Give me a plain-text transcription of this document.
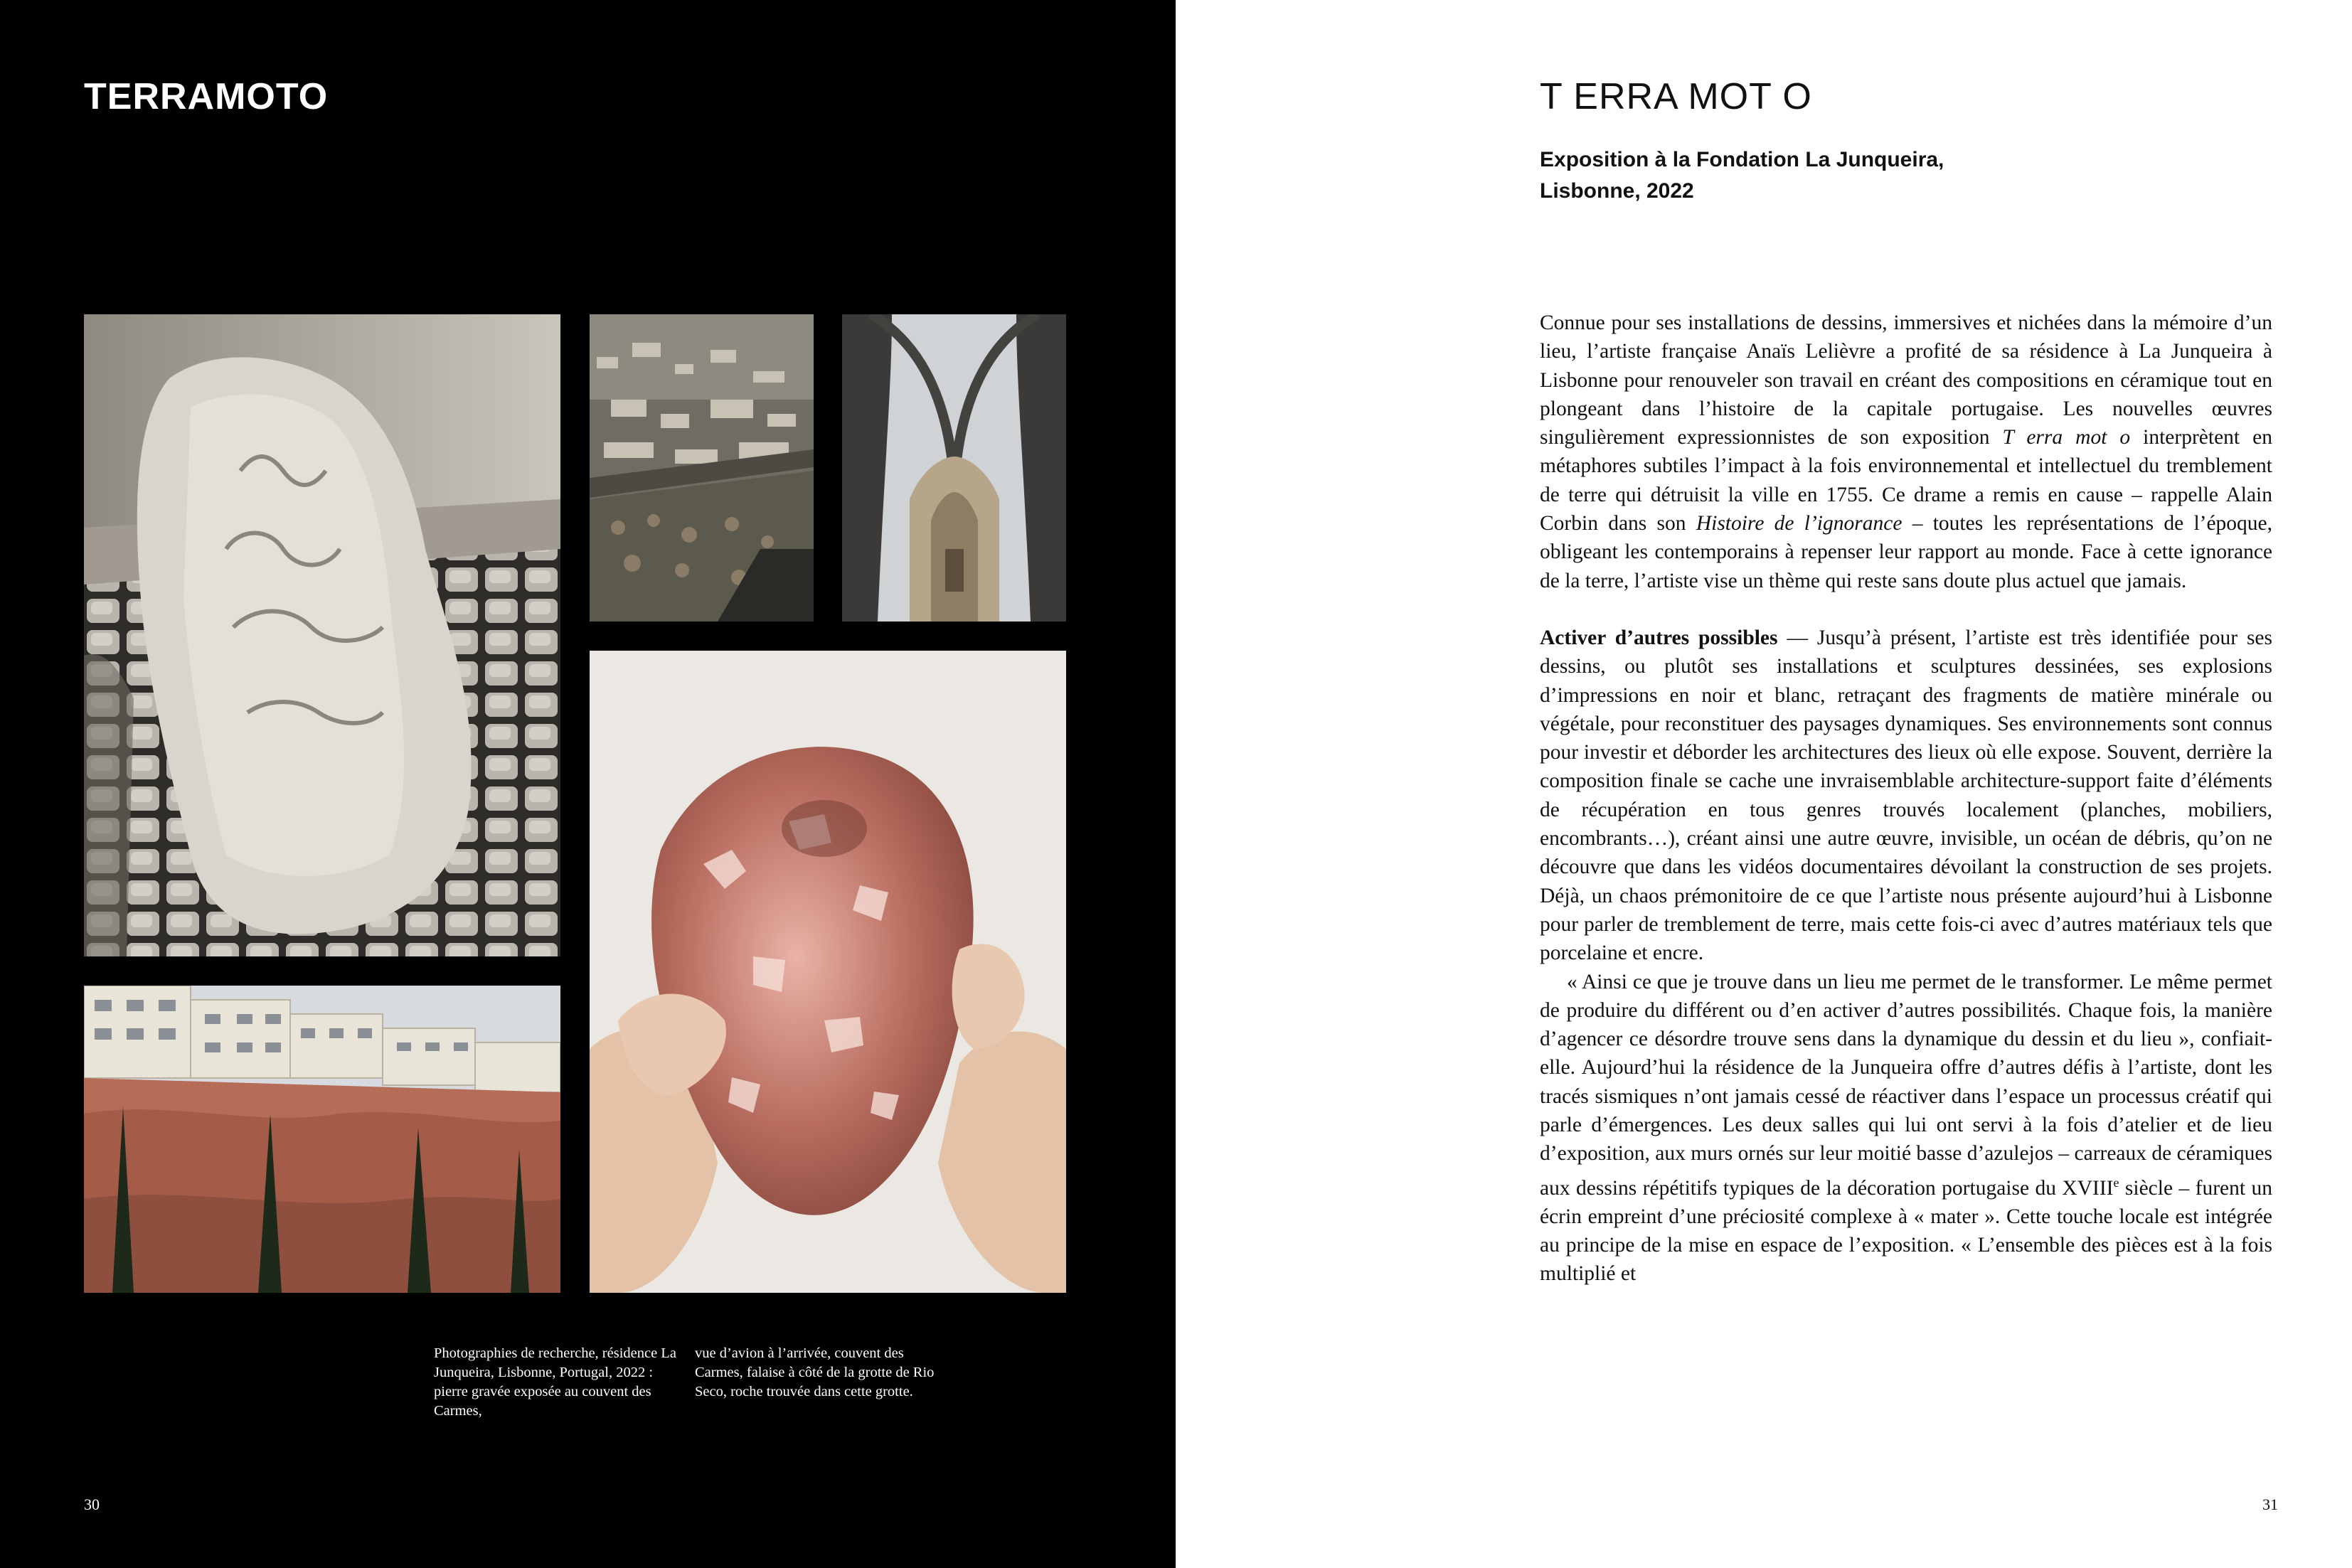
TERRAMOTO
Photographies de recherche, résidence La Junqueira, Lisbonne, Portugal, 2022 : pierre gravée exposée au couvent des Carmes,
vue d’avion à l’arrivée, couvent des Carmes, falaise à côté de la grotte de Rio Seco, roche trouvée dans cette grotte.
30
T ERRA MOT O
Exposition à la Fondation La Junqueira,
Lisbonne, 2022

Connue pour ses installations de dessins, immersives et nichées dans la mémoire d’un lieu, l’artiste française Anaïs Lelièvre a profité de sa résidence à La Junqueira à Lisbonne pour renouveler son travail en créant des compositions en céramique tout en plongeant dans l’histoire de la capitale portugaise. Les nouvelles œuvres singulièrement expressionnistes de son exposition T erra mot o interprètent en métaphores subtiles l’impact à la fois environnemental et intellectuel du tremblement de terre qui détruisit la ville en 1755. Ce drame a remis en cause – rappelle Alain Corbin dans son Histoire de l’ignorance – toutes les représentations de l’époque, obligeant les contemporains à repenser leur rapport au monde. Face à cette ignorance de la terre, l’artiste vise un thème qui reste sans doute plus actuel que jamais.

Activer d’autres possibles — Jusqu’à présent, l’artiste est très identifiée pour ses dessins, ou plutôt ses installations et sculptures dessinées, ses explosions d’impressions en noir et blanc, retraçant des fragments de matière minérale ou végétale, pour reconstituer des paysages dynamiques. Ses environnements sont connus pour investir et déborder les architectures des lieux où elle expose. Souvent, derrière la composition finale se cache une invraisemblable architecture-support faite d’éléments de récupération en tous genres trouvés localement (planches, mobiliers, encombrants…), créant ainsi une autre œuvre, invisible, un océan de débris, qu’on ne découvre que dans les vidéos documentaires dévoilant la construction de ses projets. Déjà, un chaos prémonitoire de ce que l’artiste nous présente aujourd’hui à Lisbonne pour parler de tremblement de terre, mais cette fois-ci avec d’autres matériaux tels que porcelaine et encre.

« Ainsi ce que je trouve dans un lieu me permet de le transformer. Le même permet de produire du différent ou d’en activer d’autres possibilités. Chaque fois, la manière d’agencer ce désordre trouve sens dans la dynamique du dessin et du lieu », confiait-elle. Aujourd’hui la résidence de la Junqueira offre d’autres défis à l’artiste, dont les tracés sismiques n’ont jamais cessé de réactiver dans l’espace un processus créatif qui parle d’émergences. Les deux salles qui lui ont servi à la fois d’atelier et de lieu d’exposition, aux murs ornés sur leur moitié basse d’azulejos – carreaux de céramiques aux dessins répétitifs typiques de la décoration portugaise du XVIIIe siècle – furent un écrin empreint d’une préciosité complexe à « mater ». Cette touche locale est intégrée au principe de la mise en espace de l’exposition. « L’ensemble des pièces est à la fois multiplié et

31
